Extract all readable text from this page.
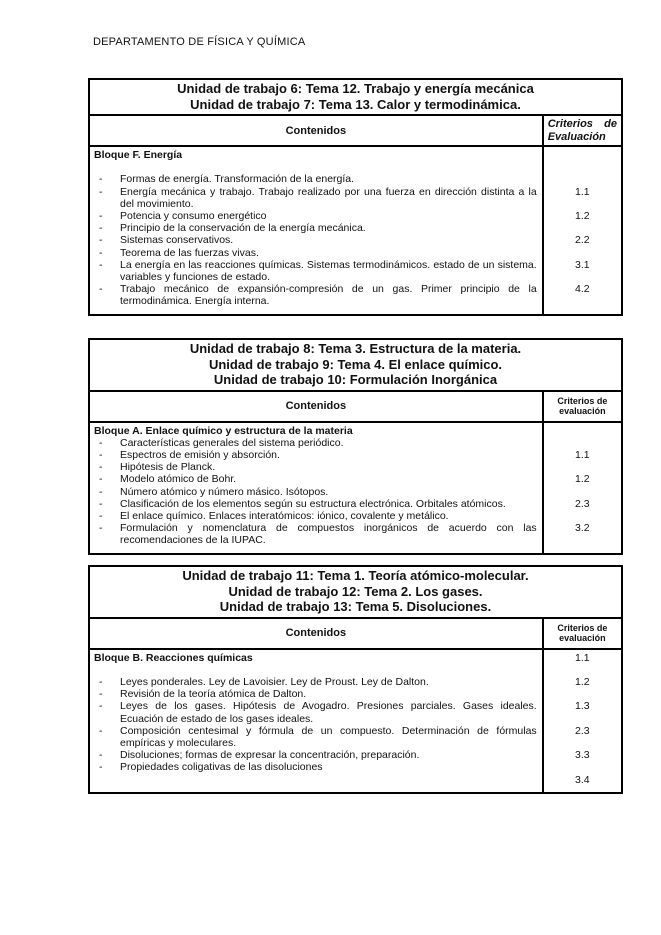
DEPARTAMENTO DE FÍSICA Y QUÍMICA
Unidad de trabajo 6: Tema 12. Trabajo y energía mecánica
Unidad de trabajo 7: Tema 13. Calor y termodinámica.	

Contenidos	Criterios de Evaluación
Bloque F. Energía	

- Formas de energía. Transformación de la energía.	

- Energía mecánica y trabajo. Trabajo realizado por una fuerza en dirección distinta a la del movimiento.	1.1

- Potencia y consumo energético	1.2

- Principio de la conservación de la energía mecánica.	

- Sistemas conservativos.	2.2

- Teorema de las fuerzas vivas.	

- La energía en las reacciones químicas. Sistemas termodinámicos. estado de un sistema. variables y funciones de estado.	3.1

- Trabajo mecánico de expansión-compresión de un gas. Primer principio de la termodinámica. Energía interna.	4.2
Unidad de trabajo 8: Tema 3. Estructura de la materia.
Unidad de trabajo 9: Tema 4. El enlace químico.
Unidad de trabajo 10: Formulación Inorgánica	

Contenidos	Criterios de evaluación
Bloque A. Enlace químico y estructura de la materia	

- Características generales del sistema periódico.	

- Espectros de emisión y absorción.	1.1

- Hipótesis de Planck.	

- Modelo atómico de Bohr.	1.2

- Número atómico y número másico. Isótopos.	

- Clasificación de los elementos según su estructura electrónica. Orbitales atómicos.	2.3

- El enlace químico. Enlaces interatómicos: iónico, covalente y metálico.	

- Formulación y nomenclatura de compuestos inorgánicos de acuerdo con las recomendaciones de la IUPAC.	3.2
Unidad de trabajo 11: Tema 1. Teoría atómico-molecular.
Unidad de trabajo 12: Tema 2. Los gases.
Unidad de trabajo 13: Tema 5. Disoluciones.	

Contenidos	Criterios de evaluación
Bloque B. Reacciones químicas	1.1

- Leyes ponderales. Ley de Lavoisier. Ley de Proust. Ley de Dalton.	1.2

- Revisión de la teoría atómica de Dalton.	

- Leyes de los gases. Hipótesis de Avogadro. Presiones parciales. Gases ideales. Ecuación de estado de los gases ideales.	1.3

- Composición centesimal y fórmula de un compuesto. Determinación de fórmulas empíricas y moleculares.	2.3

- Disoluciones; formas de expresar la concentración, preparación.	3.3

- Propiedades coligativas de las disoluciones	

	3.4
